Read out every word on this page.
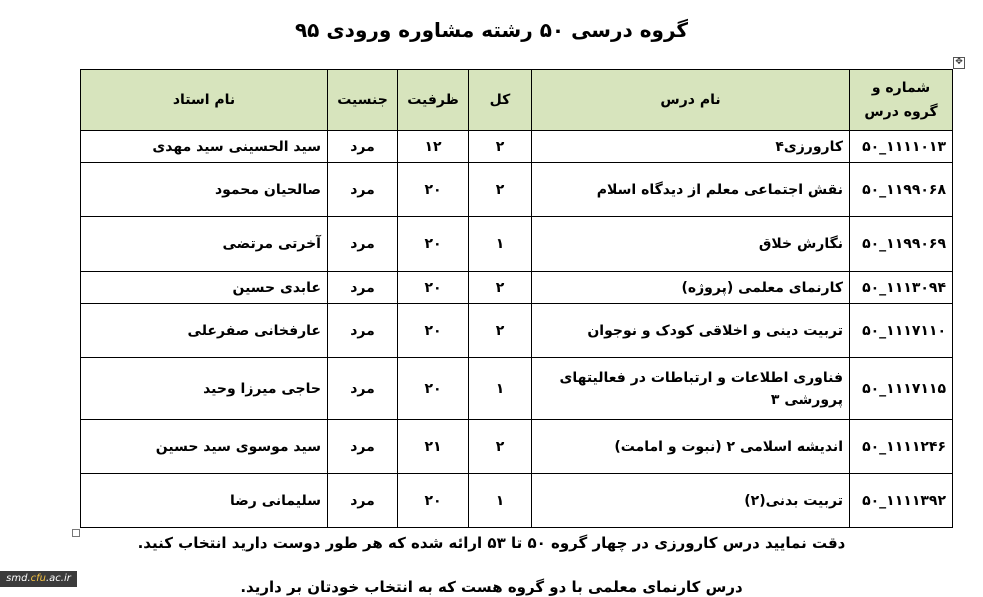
گروه درسی ۵۰ رشته مشاوره ورودی ۹۵
✥
شماره و گروه درس	نام درس	کل	ظرفیت	جنسیت	نام استاد
۵۰_۱۱۱۱۰۱۳	کارورزی۴	۲	۱۲	مرد	سید الحسینی سید مهدی
۵۰_۱۱۹۹۰۶۸	نقش اجتماعی معلم از دیدگاه اسلام	۲	۲۰	مرد	صالحیان محمود
۵۰_۱۱۹۹۰۶۹	نگارش خلاق	۱	۲۰	مرد	آخرتی مرتضی
۵۰_۱۱۱۳۰۹۴	کارنمای معلمی (پروژه)	۲	۲۰	مرد	عابدی حسین
۵۰_۱۱۱۷۱۱۰	تربیت دینی و اخلاقی کودک و نوجوان	۲	۲۰	مرد	عارفخانی صفرعلی
۵۰_۱۱۱۷۱۱۵	فناوری اطلاعات و ارتباطات در فعالیتهای پرورشی ۳	۱	۲۰	مرد	حاجی میرزا وحید
۵۰_۱۱۱۱۲۴۶	اندیشه اسلامی ۲ (نبوت و امامت)	۲	۲۱	مرد	سید موسوی سید حسین
۵۰_۱۱۱۱۳۹۲	تربیت بدنی(۲)	۱	۲۰	مرد	سلیمانی رضا
دقت نمایید درس کارورزی در چهار گروه ۵۰ تا ۵۳ ارائه شده که هر طور دوست دارید انتخاب کنید.
درس کارنمای معلمی با دو گروه هست که به انتخاب خودتان بر دارید.
smd.cfu.ac.ir
